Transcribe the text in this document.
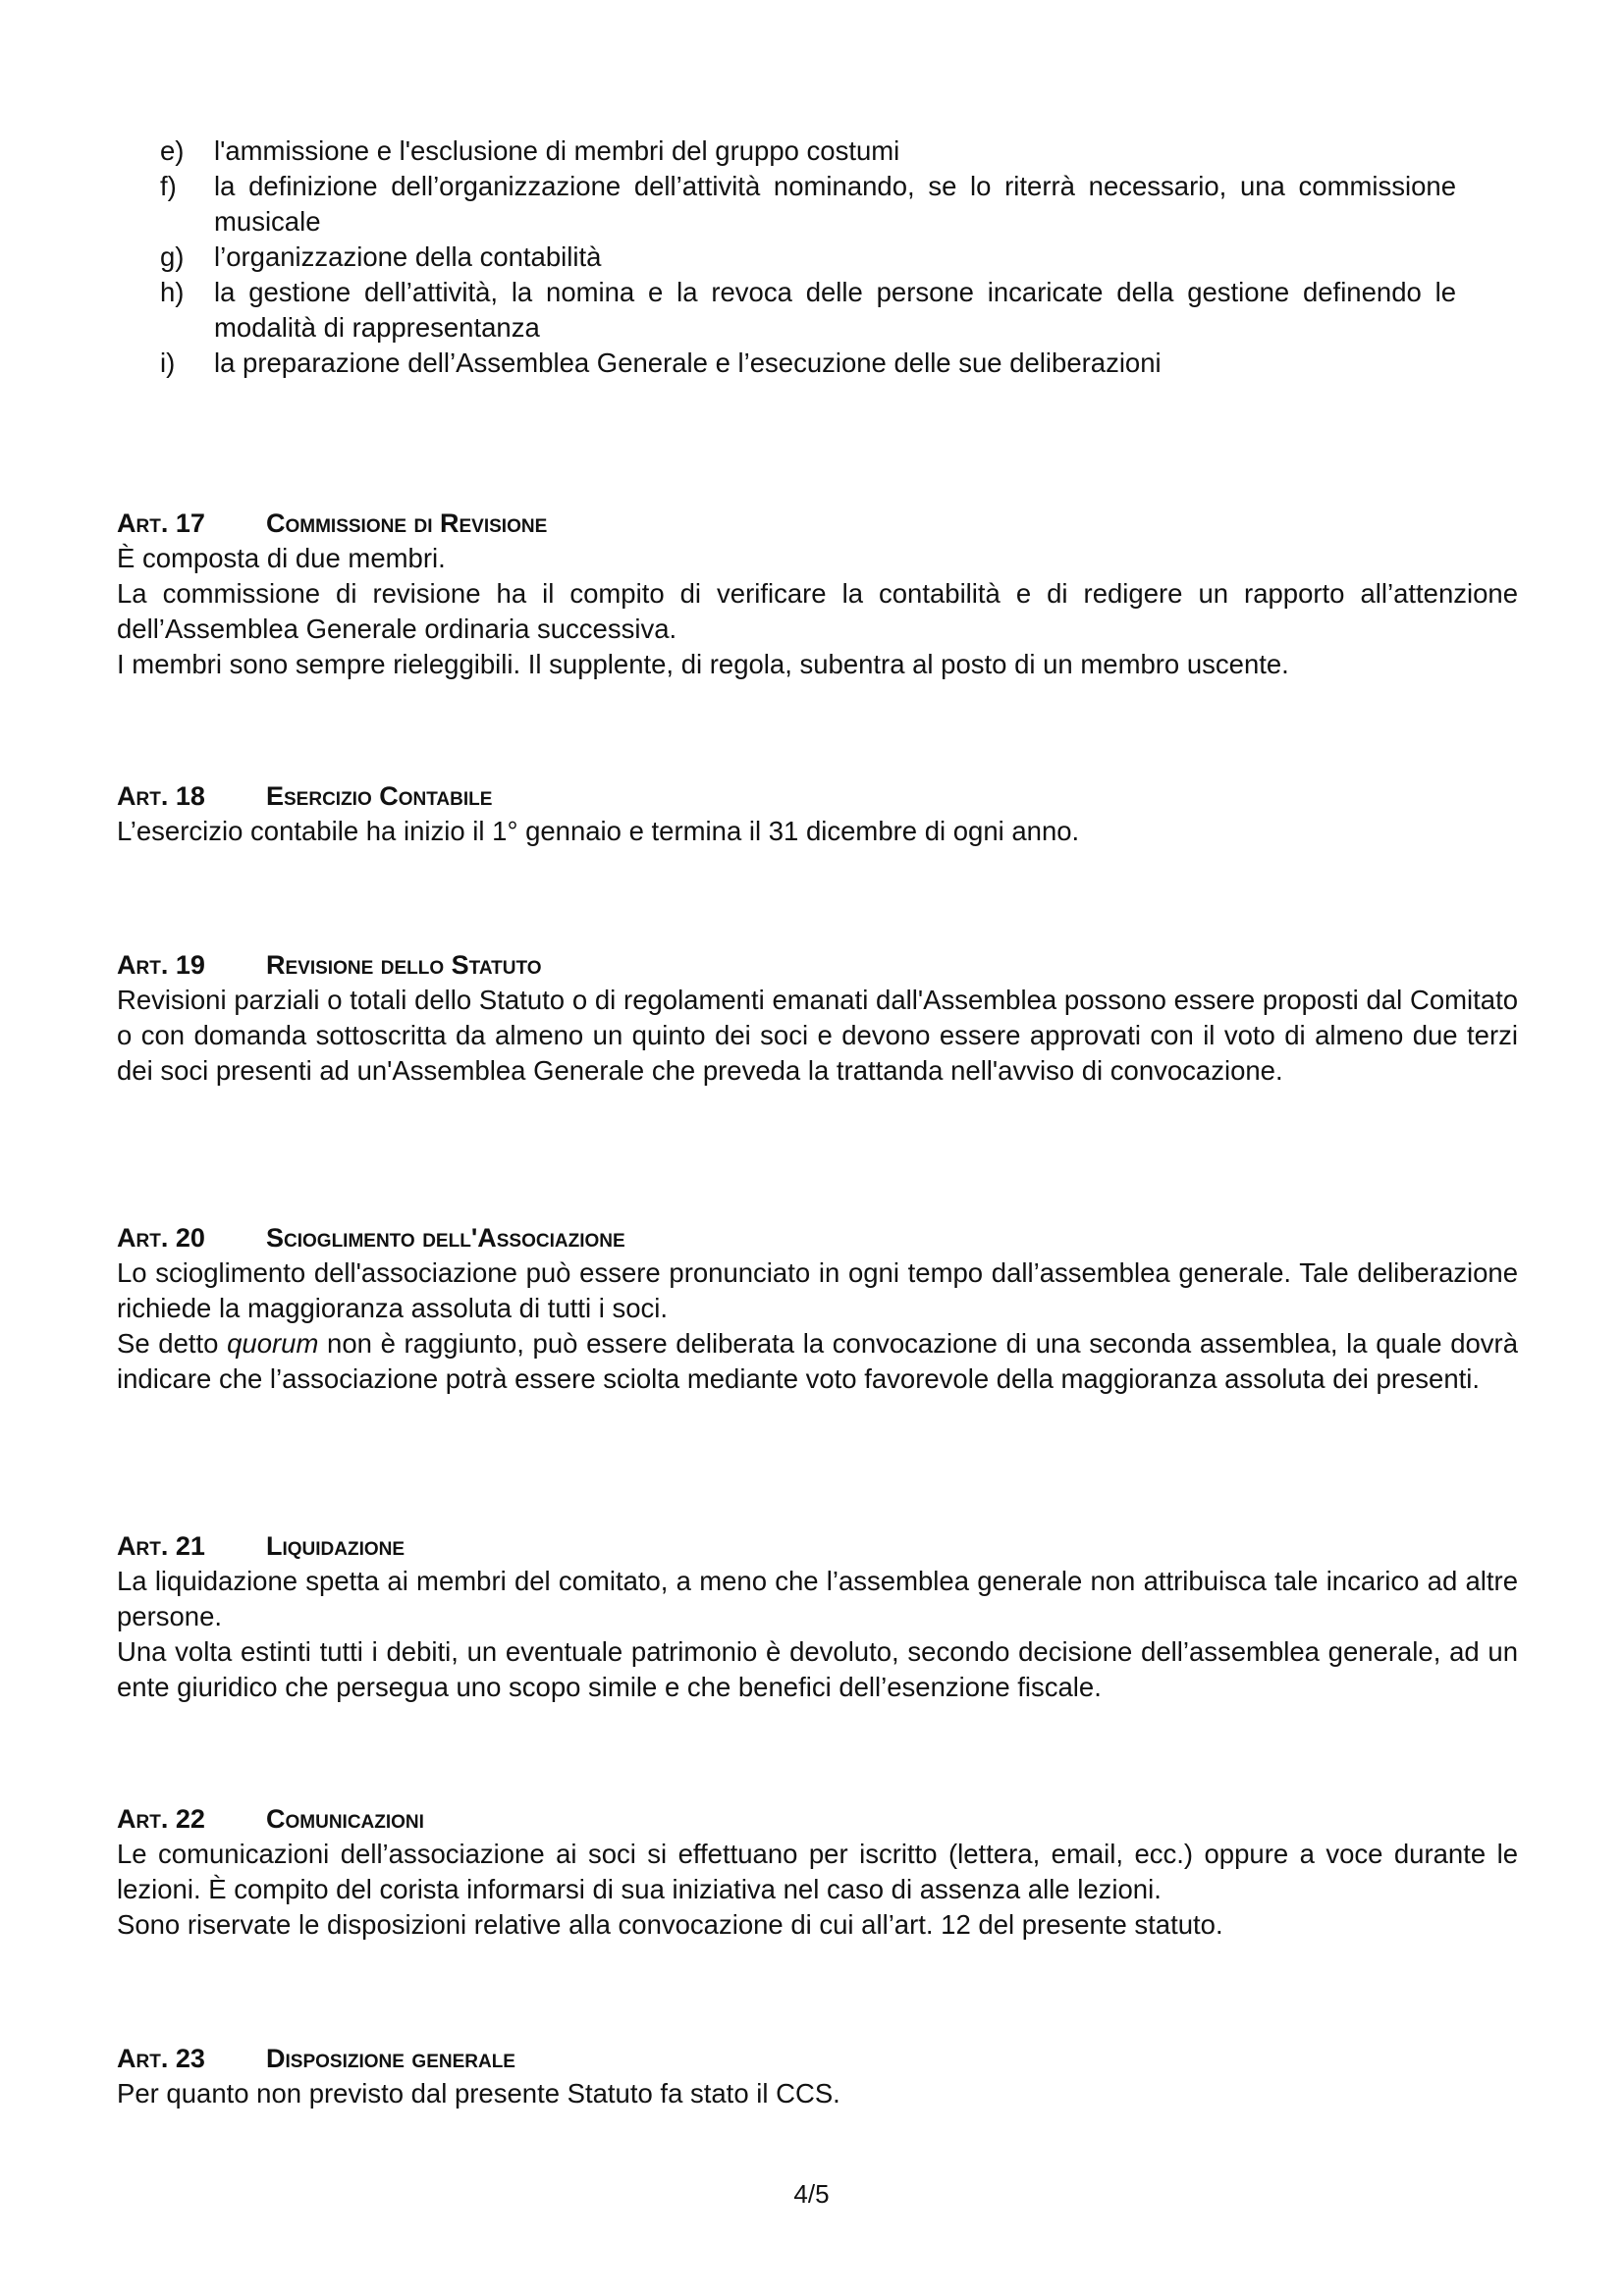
e) l'ammissione e l'esclusione di membri del gruppo costumi
f) la definizione dell’organizzazione dell’attività nominando, se lo riterrà necessario, una commissione musicale
g) l’organizzazione della contabilità
h) la gestione dell’attività, la nomina e la revoca delle persone incaricate della gestione definendo le modalità di rappresentanza
i) la preparazione dell’Assemblea Generale e l’esecuzione delle sue deliberazioni
Art. 17 Commissione di Revisione

È composta di due membri.

La commissione di revisione ha il compito di verificare la contabilità e di redigere un rapporto all’attenzione dell’Assemblea Generale ordinaria successiva.

I membri sono sempre rieleggibili. Il supplente, di regola, subentra al posto di un membro uscente.

Art. 18 Esercizio Contabile

L’esercizio contabile ha inizio il 1° gennaio e termina il 31 dicembre di ogni anno.

Art. 19 Revisione dello Statuto

Revisioni parziali o totali dello Statuto o di regolamenti emanati dall'Assemblea possono essere proposti dal Comitato o con domanda sottoscritta da almeno un quinto dei soci e devono essere approvati con il voto di almeno due terzi dei soci presenti ad un'Assemblea Generale che preveda la trattanda nell'avviso di convocazione.

Art. 20 Scioglimento dell'Associazione

Lo scioglimento dell'associazione può essere pronunciato in ogni tempo dall’assemblea generale. Tale deliberazione richiede la maggioranza assoluta di tutti i soci.

Se detto quorum non è raggiunto, può essere deliberata la convocazione di una seconda assemblea, la quale dovrà indicare che l’associazione potrà essere sciolta mediante voto favorevole della maggioranza assoluta dei presenti.

Art. 21 Liquidazione

La liquidazione spetta ai membri del comitato, a meno che l’assemblea generale non attribuisca tale incarico ad altre persone.

Una volta estinti tutti i debiti, un eventuale patrimonio è devoluto, secondo decisione dell’assemblea generale, ad un ente giuridico che persegua uno scopo simile e che benefici dell’esenzione fiscale.

Art. 22 Comunicazioni

Le comunicazioni dell’associazione ai soci si effettuano per iscritto (lettera, email, ecc.) oppure a voce durante le lezioni. È compito del corista informarsi di sua iniziativa nel caso di assenza alle lezioni.

Sono riservate le disposizioni relative alla convocazione di cui all’art. 12 del presente statuto.

Art. 23 Disposizione generale

Per quanto non previsto dal presente Statuto fa stato il CCS.

4/5
